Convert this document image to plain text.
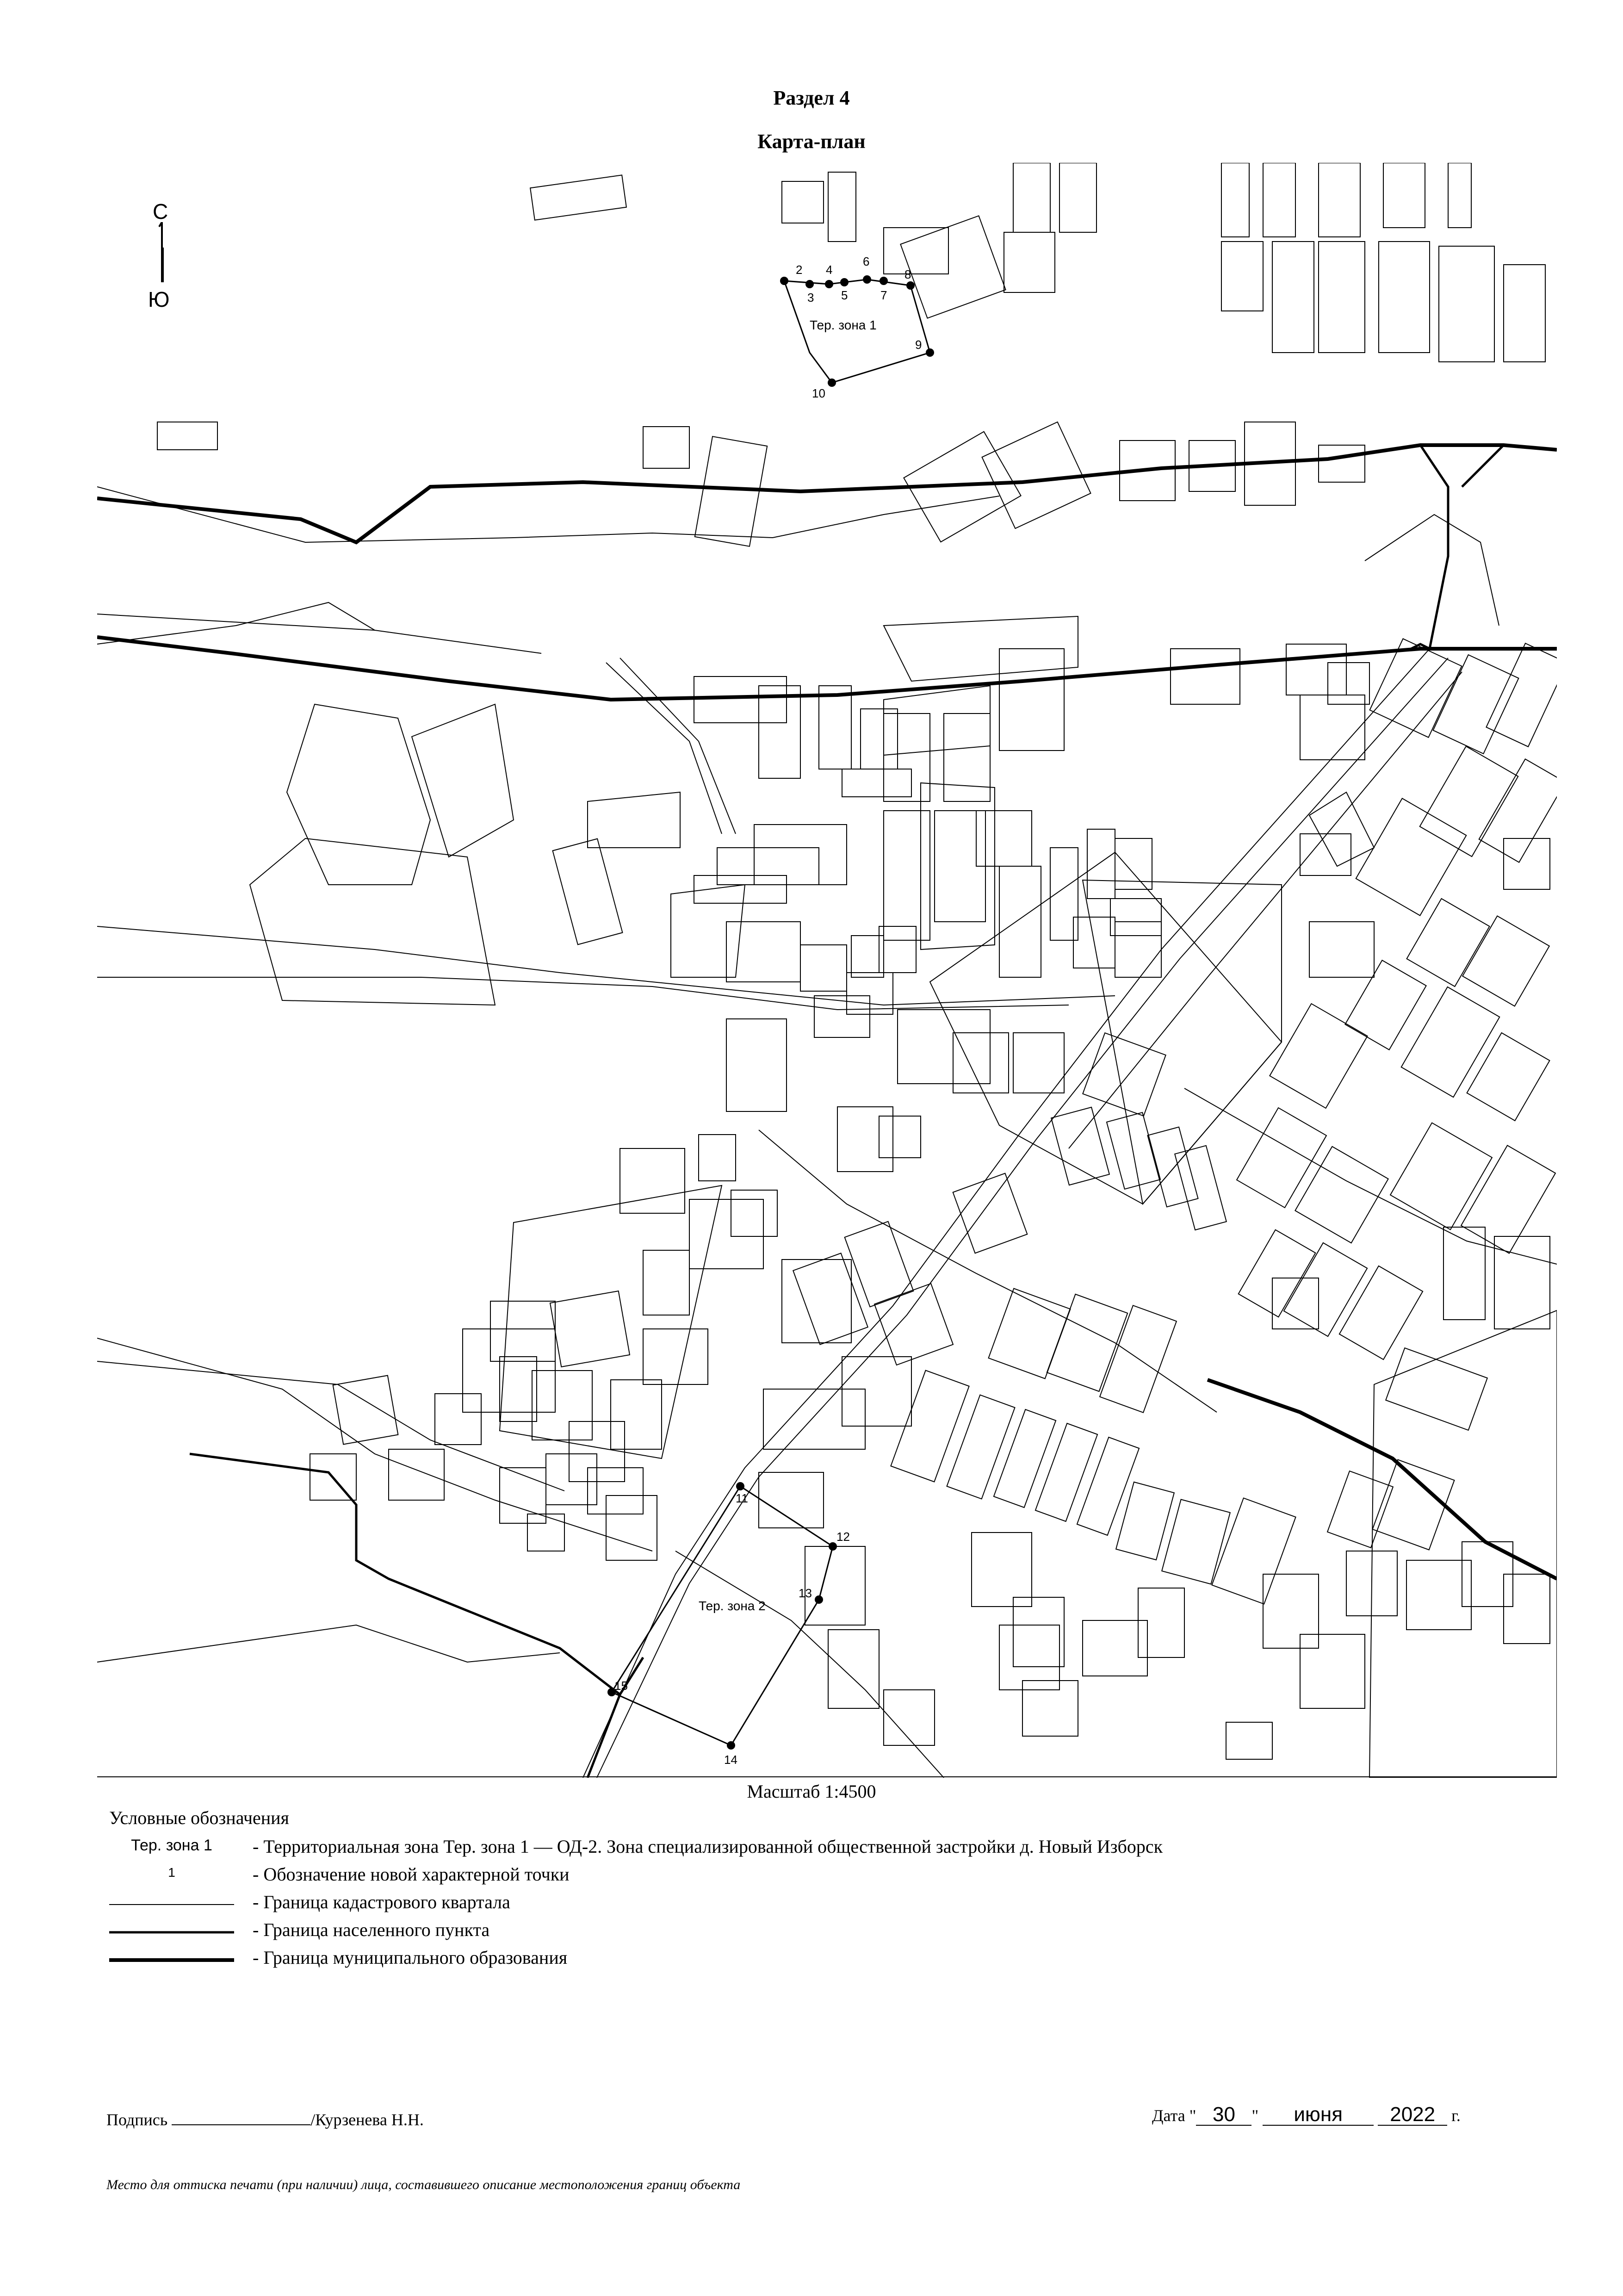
Раздел 4
Карта-план
С
Ю
2
3
4
5
6
7
8
9
10
11
12
13
14
15
Тер. зона 1
Тер. зона 2
Масштаб 1:4500
Условные обозначения
Тер. зона 1	- Территориальная зона Тер. зона 1 — ОД-2. Зона специализированной общественной застройки д. Новый Изборск
1	- Обозначение новой характерной точки
- Граница кадастрового квартала
- Граница населенного пункта
- Граница муниципального образования
Подпись	/Курзенева Н.Н.	Дата " 30 " июня 2022 г.
Место для оттиска печати (при наличии) лица, составившего описание местоположения границ объекта
